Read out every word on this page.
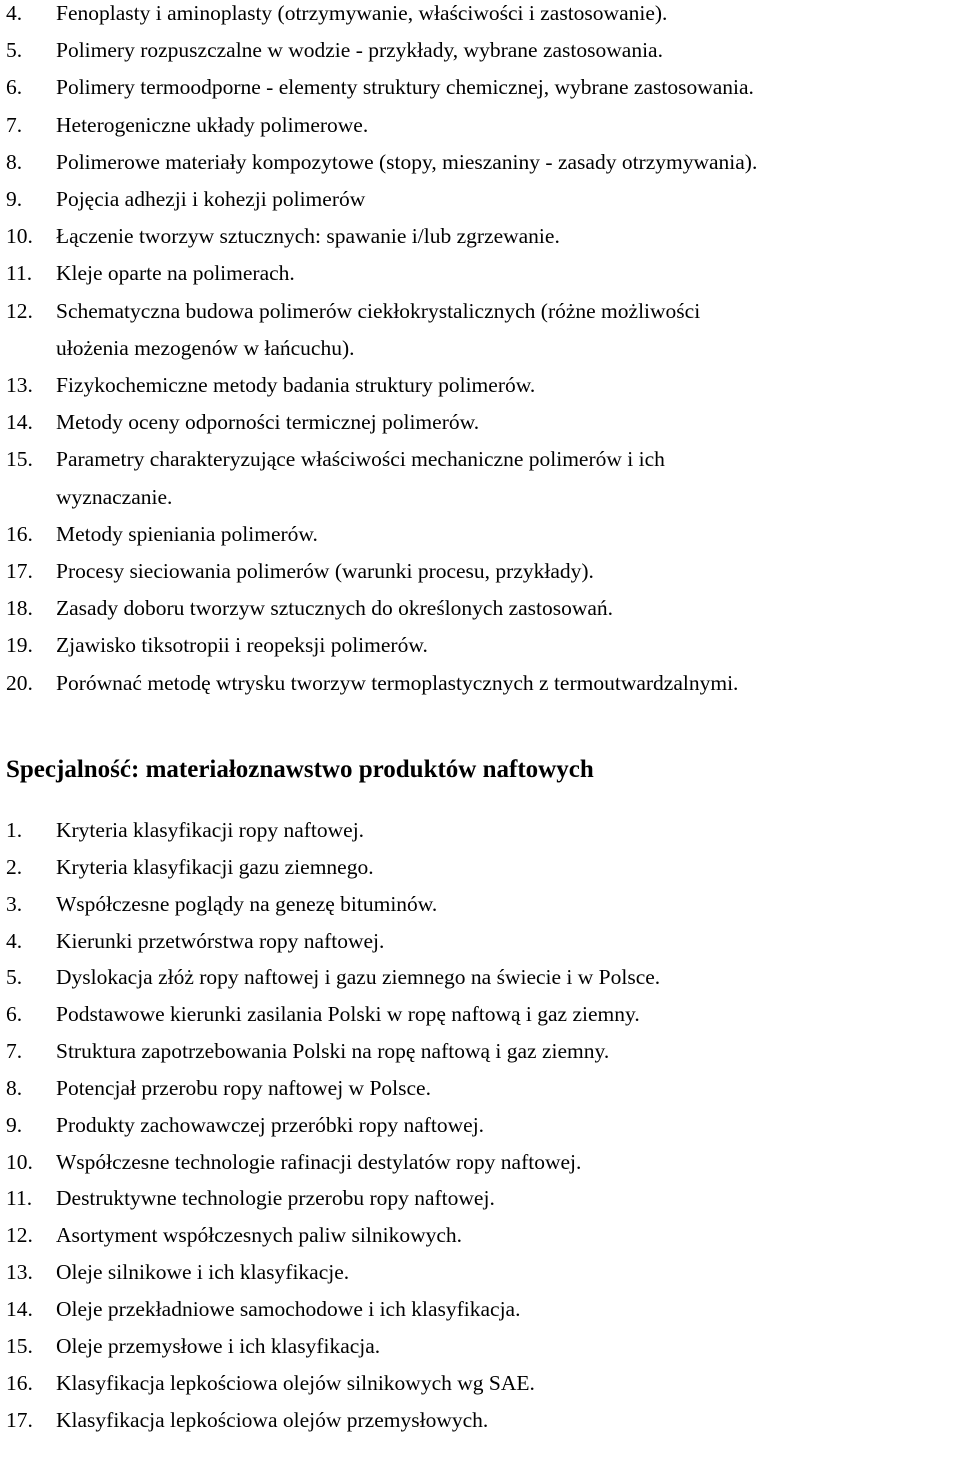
4.	Fenoplasty i aminoplasty (otrzymywanie, właściwości i zastosowanie).
5.	Polimery rozpuszczalne w wodzie - przykłady, wybrane zastosowania.
6.	Polimery termoodporne - elementy struktury chemicznej, wybrane zastosowania.
7.	Heterogeniczne układy polimerowe.
8.	Polimerowe materiały kompozytowe (stopy, mieszaniny - zasady otrzymywania).
9.	Pojęcia adhezji i kohezji polimerów
10.	Łączenie tworzyw sztucznych: spawanie i/lub zgrzewanie.
11.	Kleje oparte na polimerach.
12.	Schematyczna budowa polimerów ciekłokrystalicznych (różne możliwości
ułożenia mezogenów w łańcuchu).
13.	Fizykochemiczne metody badania struktury polimerów.
14.	Metody oceny odporności termicznej polimerów.
15.	Parametry charakteryzujące właściwości mechaniczne polimerów i ich
wyznaczanie.
16.	Metody spieniania polimerów.
17.	Procesy sieciowania polimerów (warunki procesu, przykłady).
18.	Zasady doboru tworzyw sztucznych do określonych zastosowań.
19.	Zjawisko tiksotropii i reopeksji polimerów.
20.	Porównać metodę wtrysku tworzyw termoplastycznych z termoutwardzalnymi.
Specjalność: materiałoznawstwo produktów naftowych
1.	Kryteria klasyfikacji ropy naftowej.
2.	Kryteria klasyfikacji gazu ziemnego.
3.	Współczesne poglądy na genezę bituminów.
4.	Kierunki przetwórstwa ropy naftowej.
5.	Dyslokacja złóż ropy naftowej i gazu ziemnego na świecie i w Polsce.
6.	Podstawowe kierunki zasilania Polski w ropę naftową i gaz ziemny.
7.	Struktura zapotrzebowania Polski na ropę naftową i gaz ziemny.
8.	Potencjał przerobu ropy naftowej w Polsce.
9.	Produkty zachowawczej przeróbki ropy naftowej.
10.	Współczesne technologie rafinacji destylatów ropy naftowej.
11.	Destruktywne technologie przerobu ropy naftowej.
12.	Asortyment współczesnych paliw silnikowych.
13.	Oleje silnikowe i ich klasyfikacje.
14.	Oleje przekładniowe samochodowe i ich klasyfikacja.
15.	Oleje przemysłowe i ich klasyfikacja.
16.	Klasyfikacja lepkościowa olejów silnikowych wg SAE.
17.	Klasyfikacja lepkościowa olejów przemysłowych.
